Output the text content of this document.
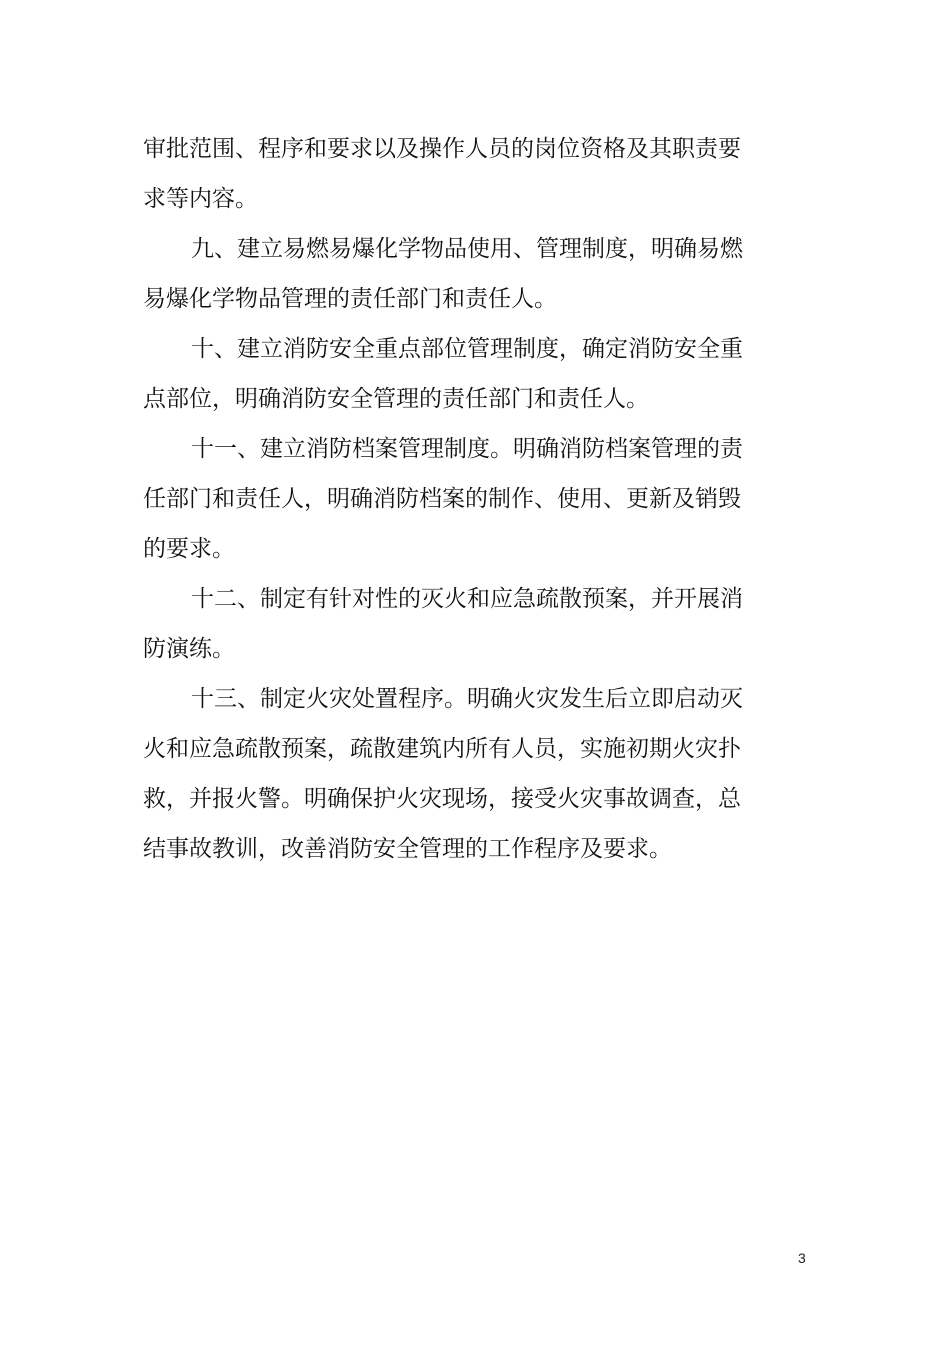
审批范围、程序和要求以及操作人员的岗位资格及其职责要
求等内容。
九、建立易燃易爆化学物品使用、管理制度，明确易燃
易爆化学物品管理的责任部门和责任人。
十、建立消防安全重点部位管理制度，确定消防安全重
点部位，明确消防安全管理的责任部门和责任人。
十一、建立消防档案管理制度。明确消防档案管理的责
任部门和责任人，明确消防档案的制作、使用、更新及销毁
的要求。
十二、制定有针对性的灭火和应急疏散预案，并开展消
防演练。
十三、制定火灾处置程序。明确火灾发生后立即启动灭
火和应急疏散预案，疏散建筑内所有人员，实施初期火灾扑
救，并报火警。明确保护火灾现场，接受火灾事故调查，总
结事故教训，改善消防安全管理的工作程序及要求。
3
